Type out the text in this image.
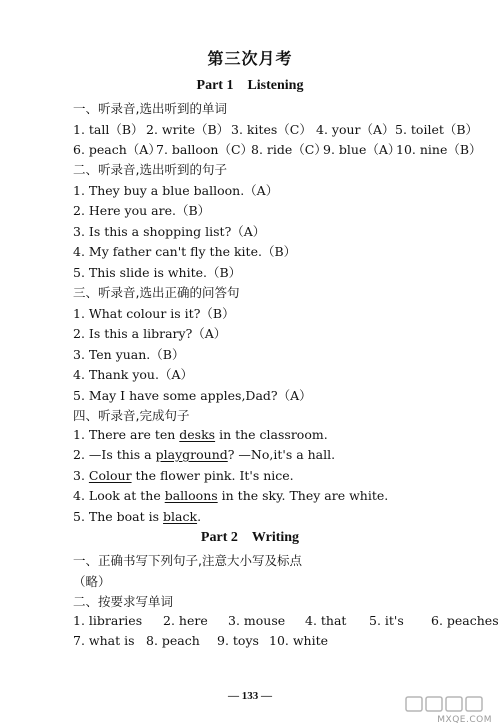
第三次月考
Part 1 Listening
一、听录音,选出听到的单词
1. tall（B） 2. write（B） 3. kites（C） 4. your（A） 5. toilet（B）
6. peach（A）
7. balloon（C）
8. ride（C）
9. blue（A）
10. nine（B）
二、听录音,选出听到的句子
1. They buy a blue balloon.（A）
2. Here you are.（B）
3. Is this a shopping list?（A）
4. My father can't fly the kite.（B）
5. This slide is white.（B）
三、听录音,选出正确的问答句
1. What colour is it?（B）
2. Is this a library?（A）
3. Ten yuan.（B）
4. Thank you.（A）
5. May I have some apples,Dad?（A）
四、听录音,完成句子
1. There are ten desks in the classroom.
2. —Is this a playground? —No,it's a hall.
3. Colour the flower pink. It's nice.
4. Look at the balloons in the sky. They are white.
5. The boat is black.
Part 2 Writing
一、正确书写下列句子,注意大小写及标点
（略）
二、按要求写单词
1. libraries 2. here 3. mouse 4. that 5. it's 6. peaches
7. what is 8. peach 9. toys 10. white
— 133 —
MXQE.COM
